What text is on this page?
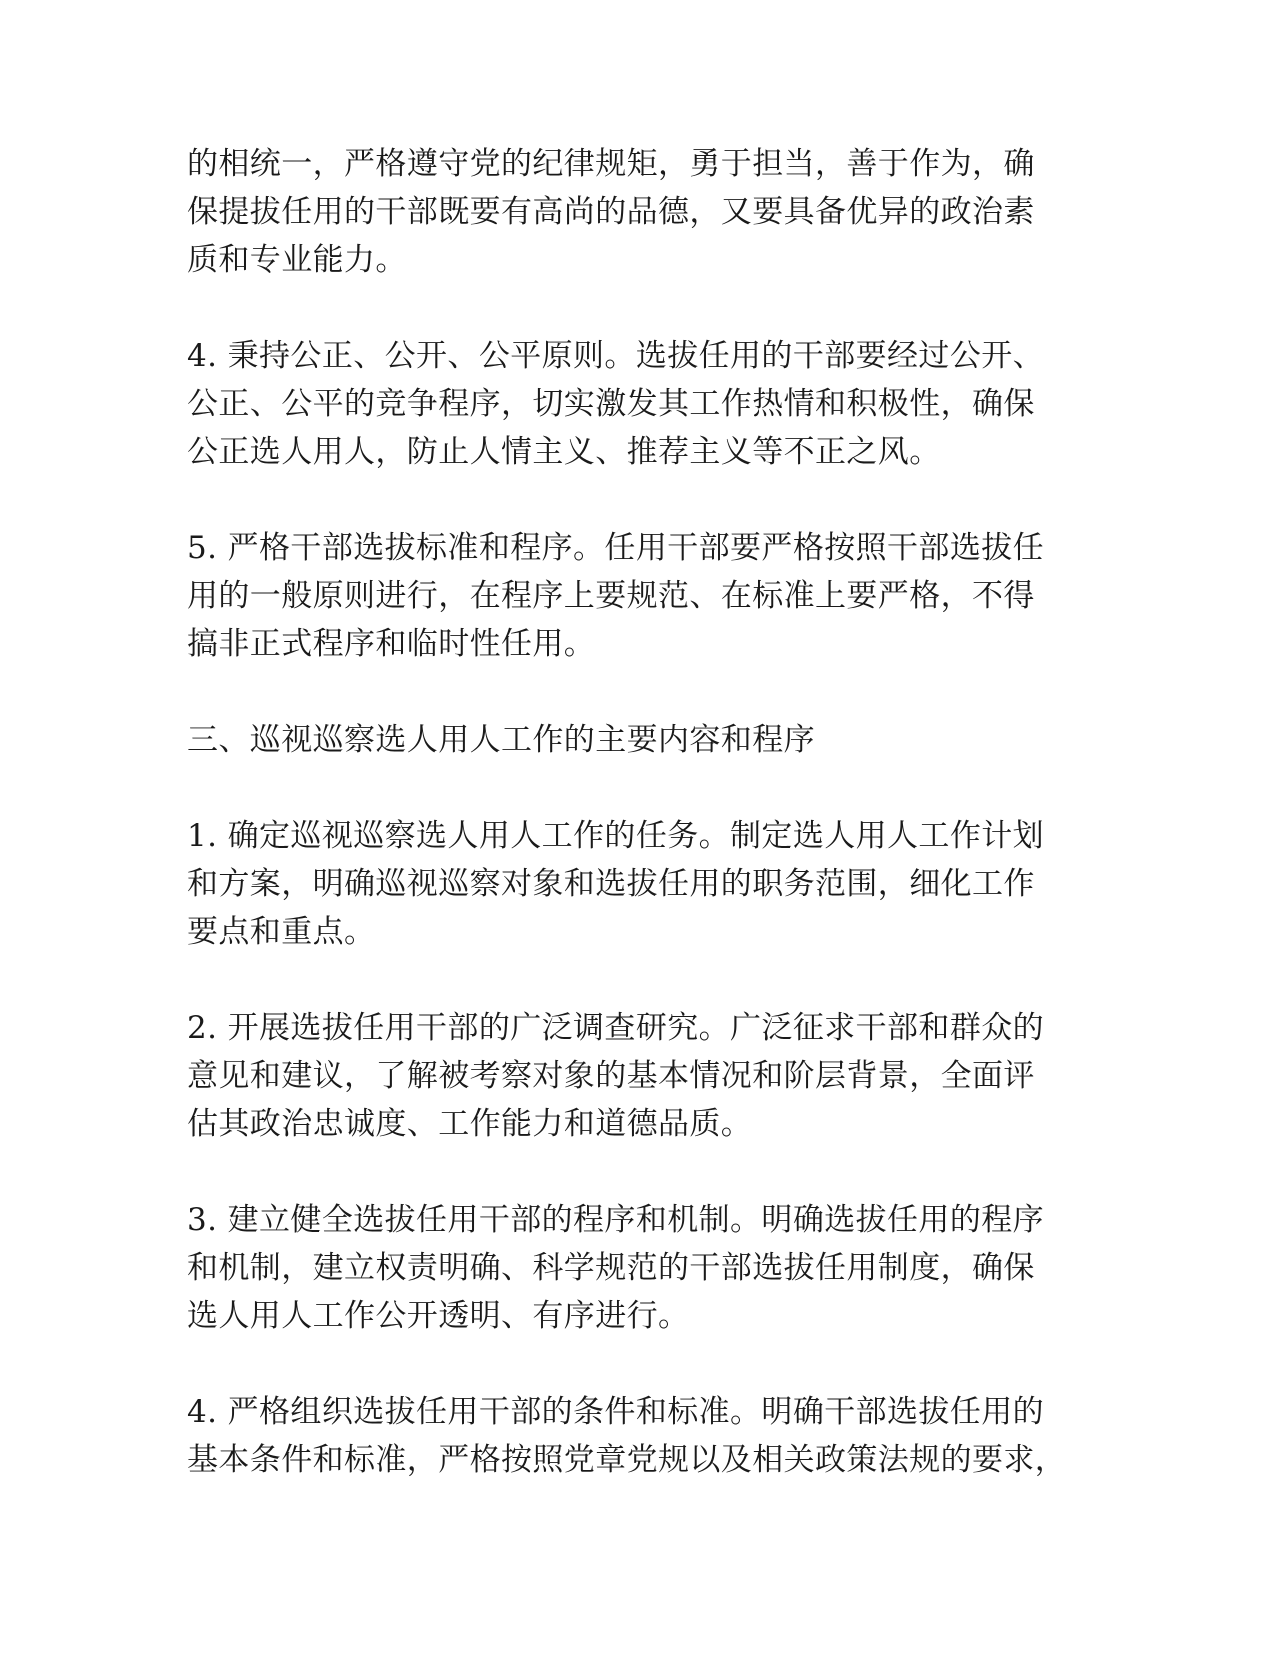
的相统一，严格遵守党的纪律规矩，勇于担当，善于作为，确

保提拔任用的干部既要有高尚的品德，又要具备优异的政治素

质和专业能力。

4. 秉持公正、公开、公平原则。选拔任用的干部要经过公开、

公正、公平的竞争程序，切实激发其工作热情和积极性，确保

公正选人用人，防止人情主义、推荐主义等不正之风。

5. 严格干部选拔标准和程序。任用干部要严格按照干部选拔任

用的一般原则进行，在程序上要规范、在标准上要严格，不得

搞非正式程序和临时性任用。

三、巡视巡察选人用人工作的主要内容和程序

1. 确定巡视巡察选人用人工作的任务。制定选人用人工作计划

和方案，明确巡视巡察对象和选拔任用的职务范围，细化工作

要点和重点。

2. 开展选拔任用干部的广泛调查研究。广泛征求干部和群众的

意见和建议，了解被考察对象的基本情况和阶层背景，全面评

估其政治忠诚度、工作能力和道德品质。

3. 建立健全选拔任用干部的程序和机制。明确选拔任用的程序

和机制，建立权责明确、科学规范的干部选拔任用制度，确保

选人用人工作公开透明、有序进行。

4. 严格组织选拔任用干部的条件和标准。明确干部选拔任用的

基本条件和标准，严格按照党章党规以及相关政策法规的要求，
